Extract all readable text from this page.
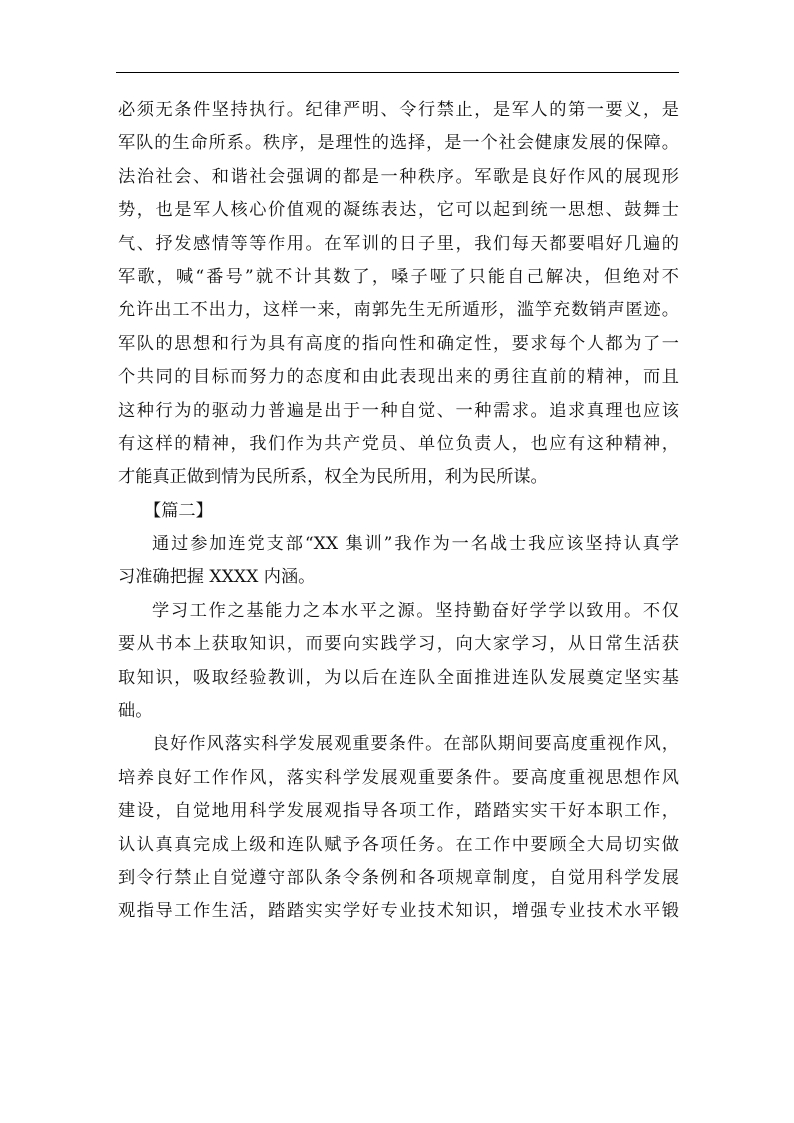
必须无条件坚持执行。纪律严明、令行禁止，是军人的第一要义，是
军队的生命所系。秩序，是理性的选择，是一个社会健康发展的保障。
法治社会、和谐社会强调的都是一种秩序。军歌是良好作风的展现形
势，也是军人核心价值观的凝练表达，它可以起到统一思想、鼓舞士
气、抒发感情等等作用。在军训的日子里，我们每天都要唱好几遍的
军歌，喊“番号”就不计其数了，嗓子哑了只能自己解决，但绝对不
允许出工不出力，这样一来，南郭先生无所遁形，滥竽充数销声匿迹。
军队的思想和行为具有高度的指向性和确定性，要求每个人都为了一
个共同的目标而努力的态度和由此表现出来的勇往直前的精神，而且
这种行为的驱动力普遍是出于一种自觉、一种需求。追求真理也应该
有这样的精神，我们作为共产党员、单位负责人，也应有这种精神，
才能真正做到情为民所系，权全为民所用，利为民所谋。
【篇二】
通过参加连党支部“XX 集训”我作为一名战士我应该坚持认真学
习准确把握 XXXX 内涵。
学习工作之基能力之本水平之源。坚持勤奋好学学以致用。不仅
要从书本上获取知识，而要向实践学习，向大家学习，从日常生活获
取知识，吸取经验教训，为以后在连队全面推进连队发展奠定坚实基
础。
良好作风落实科学发展观重要条件。在部队期间要高度重视作风，
培养良好工作作风，落实科学发展观重要条件。要高度重视思想作风
建设，自觉地用科学发展观指导各项工作，踏踏实实干好本职工作，
认认真真完成上级和连队赋予各项任务。在工作中要顾全大局切实做
到令行禁止自觉遵守部队条令条例和各项规章制度，自觉用科学发展
观指导工作生活，踏踏实实学好专业技术知识，增强专业技术水平锻
